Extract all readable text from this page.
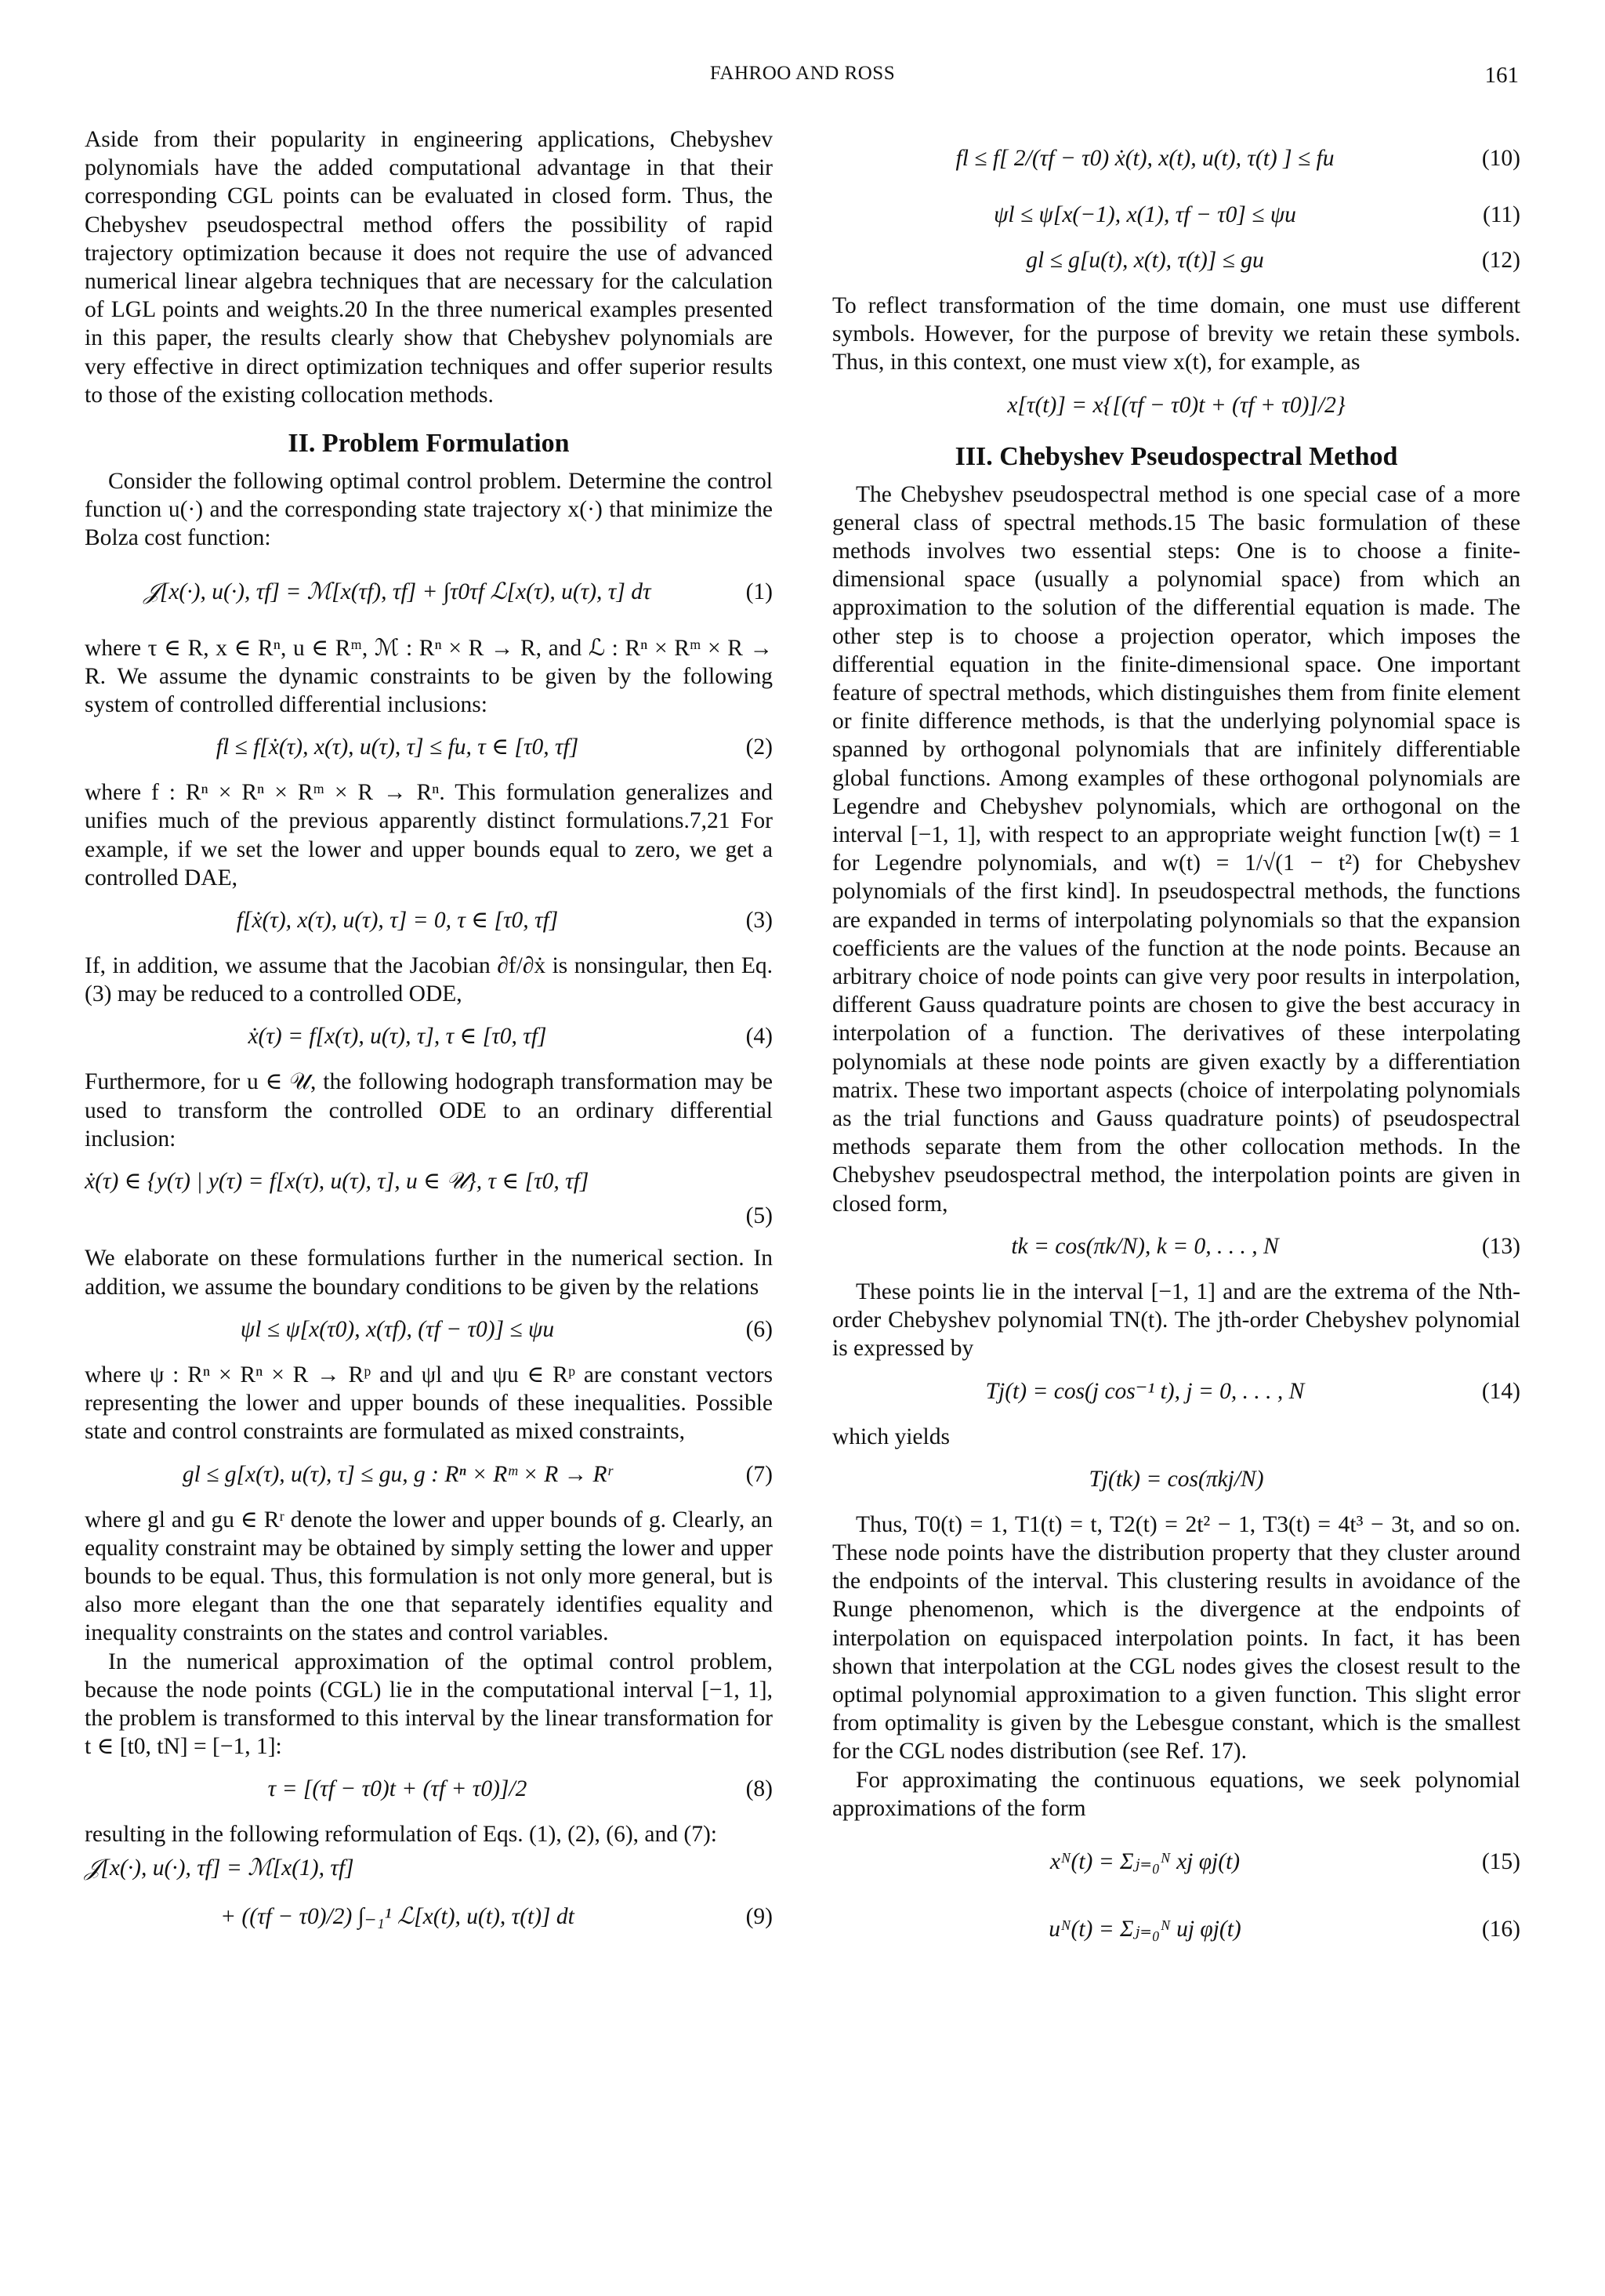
FAHROO AND ROSS	161

Aside from their popularity in engineering applications, Chebyshev polynomials have the added computational advantage in that their corresponding CGL points can be evaluated in closed form. Thus, the Chebyshev pseudospectral method offers the possibility of rapid trajectory optimization because it does not require the use of advanced numerical linear algebra techniques that are necessary for the calculation of LGL points and weights.20 In the three numerical examples presented in this paper, the results clearly show that Chebyshev polynomials are very effective in direct optimization techniques and offer superior results to those of the existing collocation methods.

II. Problem Formulation

Consider the following optimal control problem. Determine the control function u(·) and the corresponding state trajectory x(·) that minimize the Bolza cost function:

𝒥[x(·), u(·), τf] = ℳ[x(τf), τf] + ∫τ0τf ℒ[x(τ), u(τ), τ] dτ	(1)

where τ ∈ R, x ∈ Rⁿ, u ∈ Rᵐ, ℳ : Rⁿ × R → R, and ℒ : Rⁿ × Rᵐ × R → R. We assume the dynamic constraints to be given by the following system of controlled differential inclusions:

fl ≤ f[ẋ(τ), x(τ), u(τ), τ] ≤ fu, τ ∈ [τ0, τf]	(2)

where f : Rⁿ × Rⁿ × Rᵐ × R → Rⁿ. This formulation generalizes and unifies much of the previous apparently distinct formulations.7,21 For example, if we set the lower and upper bounds equal to zero, we get a controlled DAE,

f[ẋ(τ), x(τ), u(τ), τ] = 0, τ ∈ [τ0, τf]	(3)

If, in addition, we assume that the Jacobian ∂f/∂ẋ is nonsingular, then Eq. (3) may be reduced to a controlled ODE,

ẋ(τ) = f[x(τ), u(τ), τ], τ ∈ [τ0, τf]	(4)

Furthermore, for u ∈ 𝒰, the following hodograph transformation may be used to transform the controlled ODE to an ordinary differential inclusion:

ẋ(τ) ∈ {y(τ) | y(τ) = f[x(τ), u(τ), τ], u ∈ 𝒰}, τ ∈ [τ0, τf]
(5)

We elaborate on these formulations further in the numerical section. In addition, we assume the boundary conditions to be given by the relations

ψl ≤ ψ[x(τ0), x(τf), (τf − τ0)] ≤ ψu	(6)

where ψ : Rⁿ × Rⁿ × R → Rᵖ and ψl and ψu ∈ Rᵖ are constant vectors representing the lower and upper bounds of these inequalities. Possible state and control constraints are formulated as mixed constraints,

gl ≤ g[x(τ), u(τ), τ] ≤ gu, g : Rⁿ × Rᵐ × R → Rʳ	(7)

where gl and gu ∈ Rʳ denote the lower and upper bounds of g. Clearly, an equality constraint may be obtained by simply setting the lower and upper bounds to be equal. Thus, this formulation is not only more general, but is also more elegant than the one that separately identifies equality and inequality constraints on the states and control variables.

In the numerical approximation of the optimal control problem, because the node points (CGL) lie in the computational interval [−1, 1], the problem is transformed to this interval by the linear transformation for t ∈ [t0, tN] = [−1, 1]:

τ = [(τf − τ0)t + (τf + τ0)]/2	(8)

resulting in the following reformulation of Eqs. (1), (2), (6), and (7):

𝒥[x(·), u(·), τf] = ℳ[x(1), τf]
+ ((τf − τ0)/2) ∫₋₁¹ ℒ[x(t), u(t), τ(t)] dt	(9)
fl ≤ f[ 2/(τf − τ0) ẋ(t), x(t), u(t), τ(t) ] ≤ fu	(10)
ψl ≤ ψ[x(−1), x(1), τf − τ0] ≤ ψu	(11)
gl ≤ g[u(t), x(t), τ(t)] ≤ gu	(12)

To reflect transformation of the time domain, one must use different symbols. However, for the purpose of brevity we retain these symbols. Thus, in this context, one must view x(t), for example, as

x[τ(t)] = x{[(τf − τ0)t + (τf + τ0)]/2}
III. Chebyshev Pseudospectral Method

The Chebyshev pseudospectral method is one special case of a more general class of spectral methods.15 The basic formulation of these methods involves two essential steps: One is to choose a finite-dimensional space (usually a polynomial space) from which an approximation to the solution of the differential equation is made. The other step is to choose a projection operator, which imposes the differential equation in the finite-dimensional space. One important feature of spectral methods, which distinguishes them from finite element or finite difference methods, is that the underlying polynomial space is spanned by orthogonal polynomials that are infinitely differentiable global functions. Among examples of these orthogonal polynomials are Legendre and Chebyshev polynomials, which are orthogonal on the interval [−1, 1], with respect to an appropriate weight function [w(t) = 1 for Legendre polynomials, and w(t) = 1/√(1 − t²) for Chebyshev polynomials of the first kind]. In pseudospectral methods, the functions are expanded in terms of interpolating polynomials so that the expansion coefficients are the values of the function at the node points. Because an arbitrary choice of node points can give very poor results in interpolation, different Gauss quadrature points are chosen to give the best accuracy in interpolation of a function. The derivatives of these interpolating polynomials at these node points are given exactly by a differentiation matrix. These two important aspects (choice of interpolating polynomials as the trial functions and Gauss quadrature points) of pseudospectral methods separate them from the other collocation methods. In the Chebyshev pseudospectral method, the interpolation points are given in closed form,

tk = cos(πk/N), k = 0, . . . , N	(13)

These points lie in the interval [−1, 1] and are the extrema of the Nth-order Chebyshev polynomial TN(t). The jth-order Chebyshev polynomial is expressed by

Tj(t) = cos(j cos⁻¹ t), j = 0, . . . , N	(14)

which yields

Tj(tk) = cos(πkj/N)

Thus, T0(t) = 1, T1(t) = t, T2(t) = 2t² − 1, T3(t) = 4t³ − 3t, and so on. These node points have the distribution property that they cluster around the endpoints of the interval. This clustering results in avoidance of the Runge phenomenon, which is the divergence at the endpoints of interpolation on equispaced interpolation points. In fact, it has been shown that interpolation at the CGL nodes gives the closest result to the optimal polynomial approximation to a given function. This slight error from optimality is given by the Lebesgue constant, which is the smallest for the CGL nodes distribution (see Ref. 17).

For approximating the continuous equations, we seek polynomial approximations of the form

xᴺ(t) = Σⱼ₌₀ᴺ xj φj(t)	(15)
uᴺ(t) = Σⱼ₌₀ᴺ uj φj(t)	(16)
